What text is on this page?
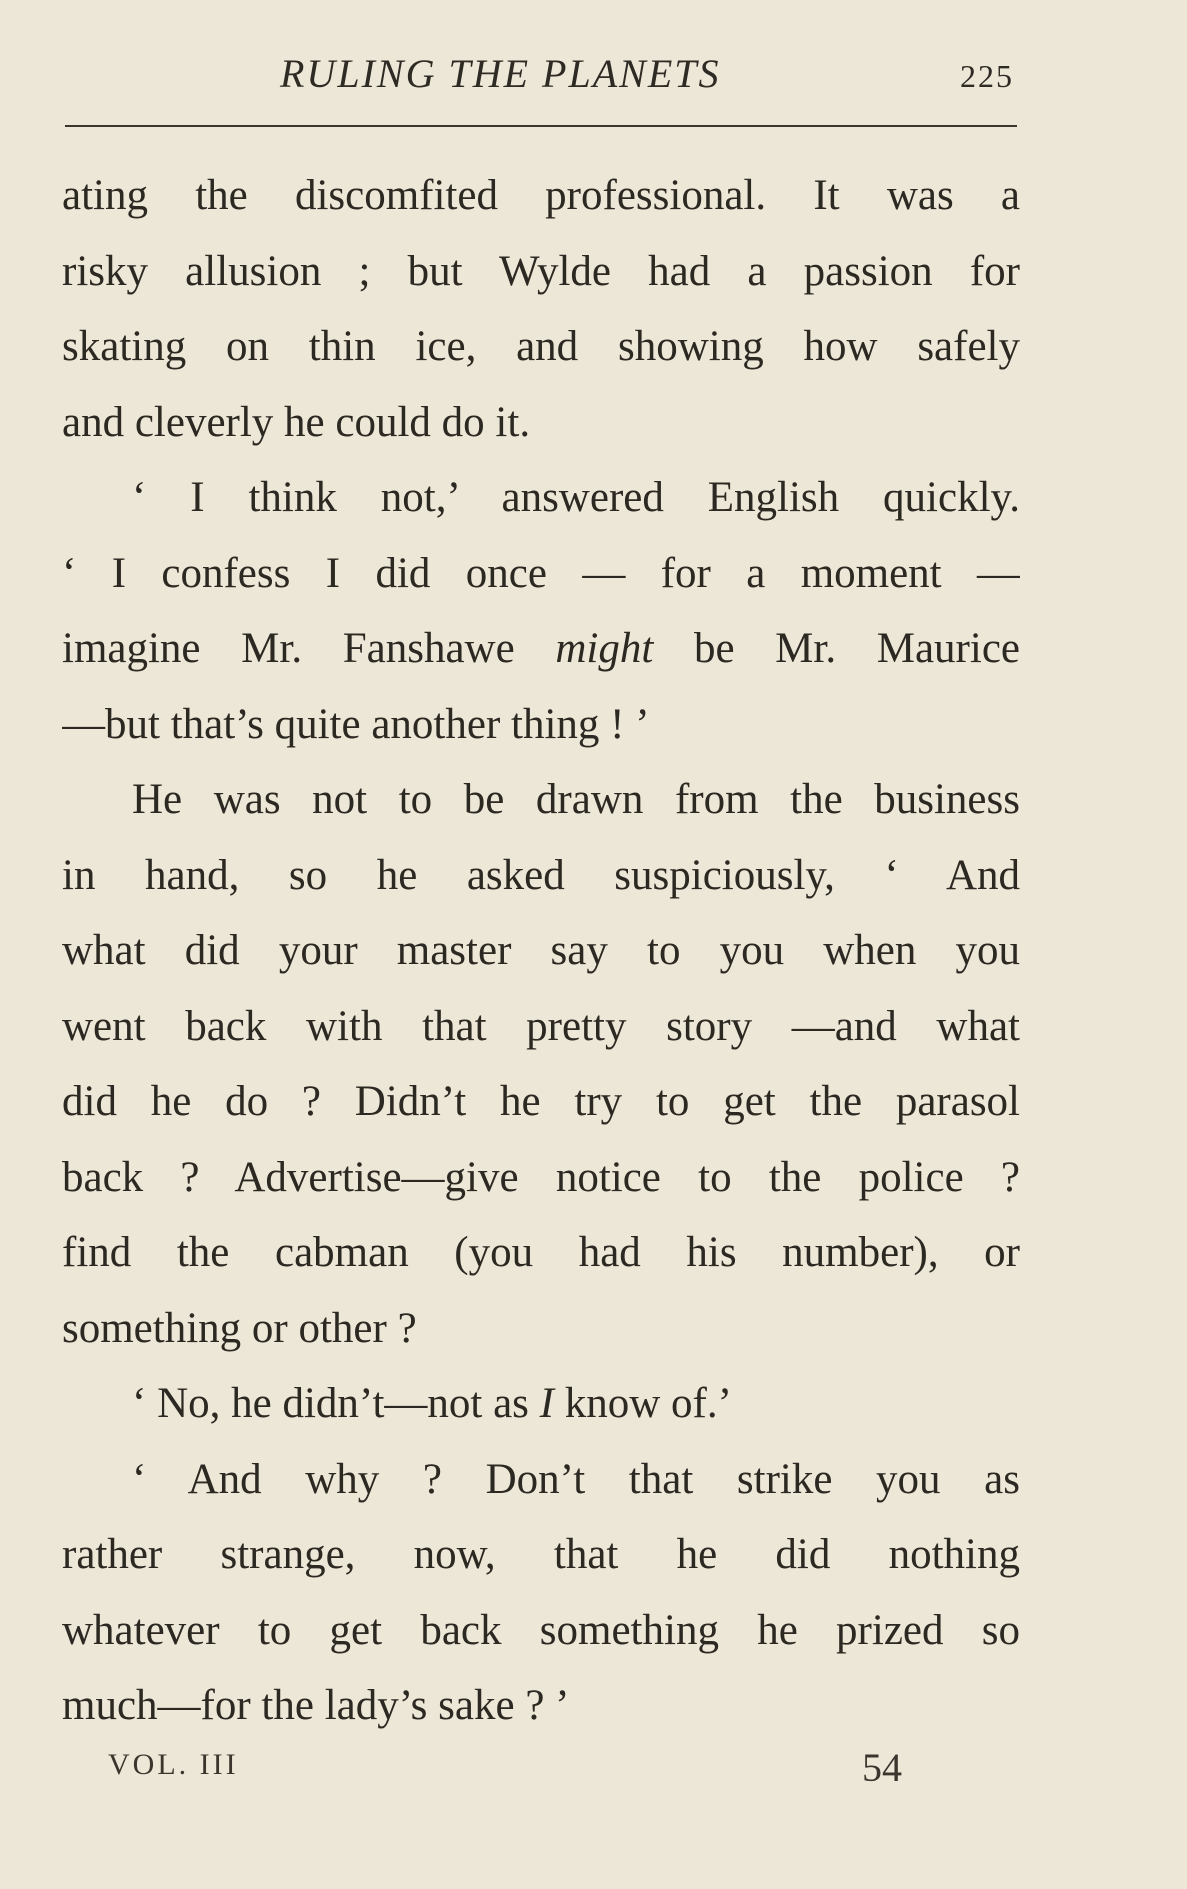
RULING THE PLANETS	225
ating the discomfited professional. It was a
risky allusion ; but Wylde had a passion for
skating on thin ice, and showing how safely
and cleverly he could do it.
‘ I think not,’ answered English quickly.
‘ I confess I did once — for a moment —
imagine Mr. Fanshawe might be Mr. Maurice
—but that’s quite another thing ! ’
He was not to be drawn from the business
in hand, so he asked suspiciously, ‘ And
what did your master say to you when you
went back with that pretty story —and what
did he do ? Didn’t he try to get the parasol
back ? Advertise—give notice to the police ?
find the cabman (you had his number), or
something or other ?
‘ No, he didn’t—not as I know of.’
‘ And why ? Don’t that strike you as
rather strange, now, that he did nothing
whatever to get back something he prized so
much—for the lady’s sake ? ’
VOL. III	54
